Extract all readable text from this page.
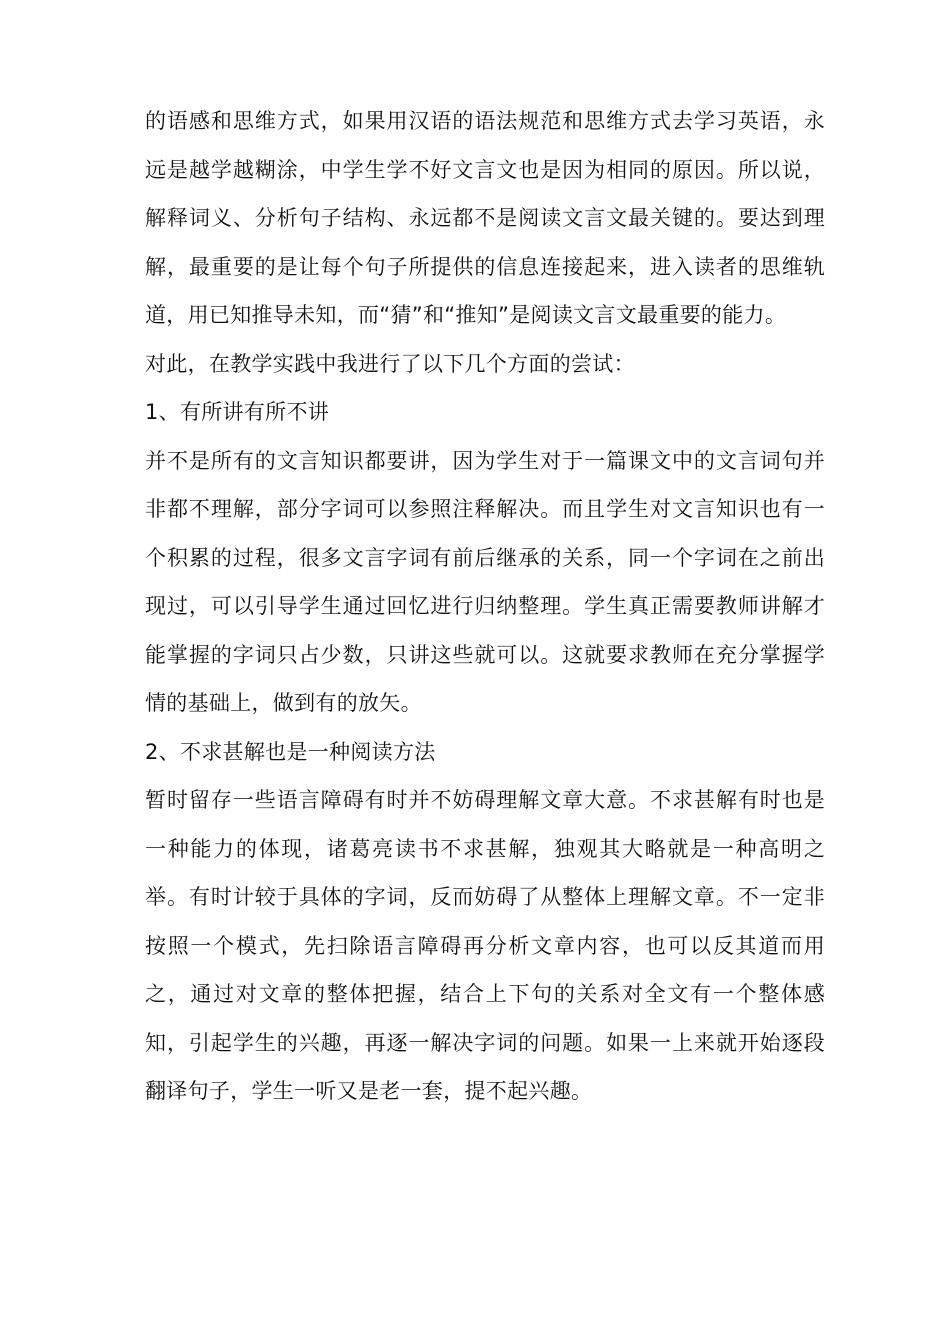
的语感和思维方式，如果用汉语的语法规范和思维方式去学习英语，永远是越学越糊涂，中学生学不好文言文也是因为相同的原因。所以说，解释词义、分析句子结构、永远都不是阅读文言文最关键的。要达到理解，最重要的是让每个句子所提供的信息连接起来，进入读者的思维轨道，用已知推导未知，而“猜”和“推知”是阅读文言文最重要的能力。

对此，在教学实践中我进行了以下几个方面的尝试：

1、有所讲有所不讲

并不是所有的文言知识都要讲，因为学生对于一篇课文中的文言词句并非都不理解，部分字词可以参照注释解决。而且学生对文言知识也有一个积累的过程，很多文言字词有前后继承的关系，同一个字词在之前出现过，可以引导学生通过回忆进行归纳整理。学生真正需要教师讲解才能掌握的字词只占少数，只讲这些就可以。这就要求教师在充分掌握学情的基础上，做到有的放矢。

2、不求甚解也是一种阅读方法

暂时留存一些语言障碍有时并不妨碍理解文章大意。不求甚解有时也是一种能力的体现，诸葛亮读书不求甚解，独观其大略就是一种高明之举。有时计较于具体的字词，反而妨碍了从整体上理解文章。不一定非按照一个模式，先扫除语言障碍再分析文章内容，也可以反其道而用之，通过对文章的整体把握，结合上下句的关系对全文有一个整体感知，引起学生的兴趣，再逐一解决字词的问题。如果一上来就开始逐段翻译句子，学生一听又是老一套，提不起兴趣。
